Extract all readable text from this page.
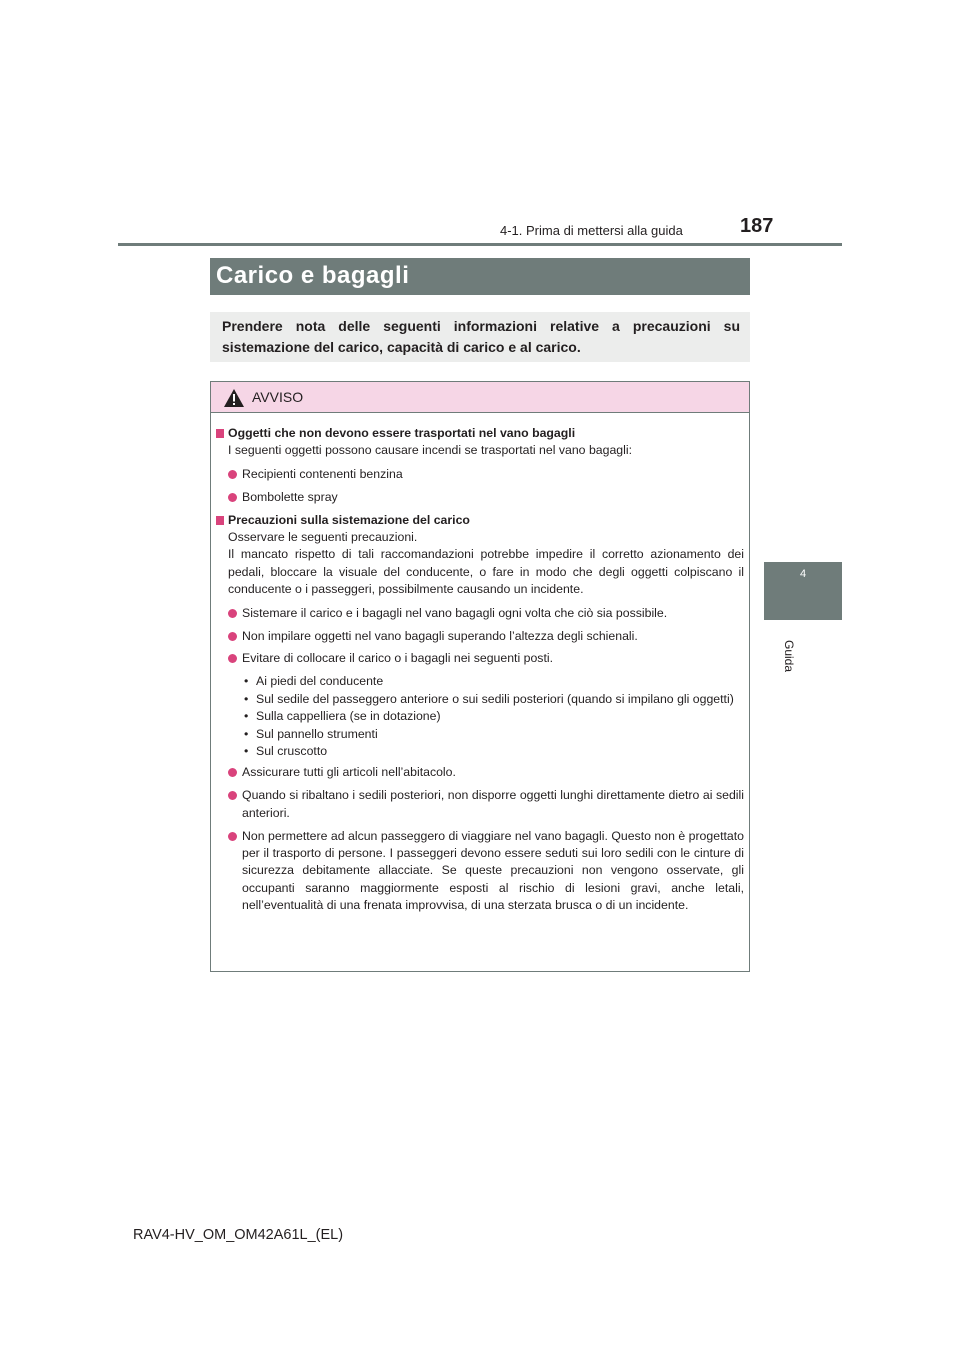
4-1. Prima di mettersi alla guida	187
4
Guida
Carico e bagagli
Prendere nota delle seguenti informazioni relative a precauzioni su sistemazione del carico, capacità di carico e al carico.
AVVISO

Oggetti che non devono essere trasportati nel vano bagagli

I seguenti oggetti possono causare incendi se trasportati nel vano bagagli:

Recipienti contenenti benzina

Bombolette spray

Precauzioni sulla sistemazione del carico

Osservare le seguenti precauzioni.

Il mancato rispetto di tali raccomandazioni potrebbe impedire il corretto azionamento dei pedali, bloccare la visuale del conducente, o fare in modo che degli oggetti colpiscano il conducente o i passeggeri, possibilmente causando un incidente.

Sistemare il carico e i bagagli nel vano bagagli ogni volta che ciò sia possibile.

Non impilare oggetti nel vano bagagli superando l’altezza degli schienali.

Evitare di collocare il carico o i bagagli nei seguenti posti.

• Ai piedi del conducente

• Sul sedile del passeggero anteriore o sui sedili posteriori (quando si impilano gli oggetti)

• Sulla cappelliera (se in dotazione)

• Sul pannello strumenti

• Sul cruscotto

Assicurare tutti gli articoli nell’abitacolo.

Quando si ribaltano i sedili posteriori, non disporre oggetti lunghi direttamente dietro ai sedili anteriori.

Non permettere ad alcun passeggero di viaggiare nel vano bagagli. Questo non è progettato per il trasporto di persone. I passeggeri devono essere seduti sui loro sedili con le cinture di sicurezza debitamente allacciate. Se queste precauzioni non vengono osservate, gli occupanti saranno maggiormente esposti al rischio di lesioni gravi, anche letali, nell’eventualità di una frenata improvvisa, di una sterzata brusca o di un incidente.

RAV4-HV_OM_OM42A61L_(EL)
